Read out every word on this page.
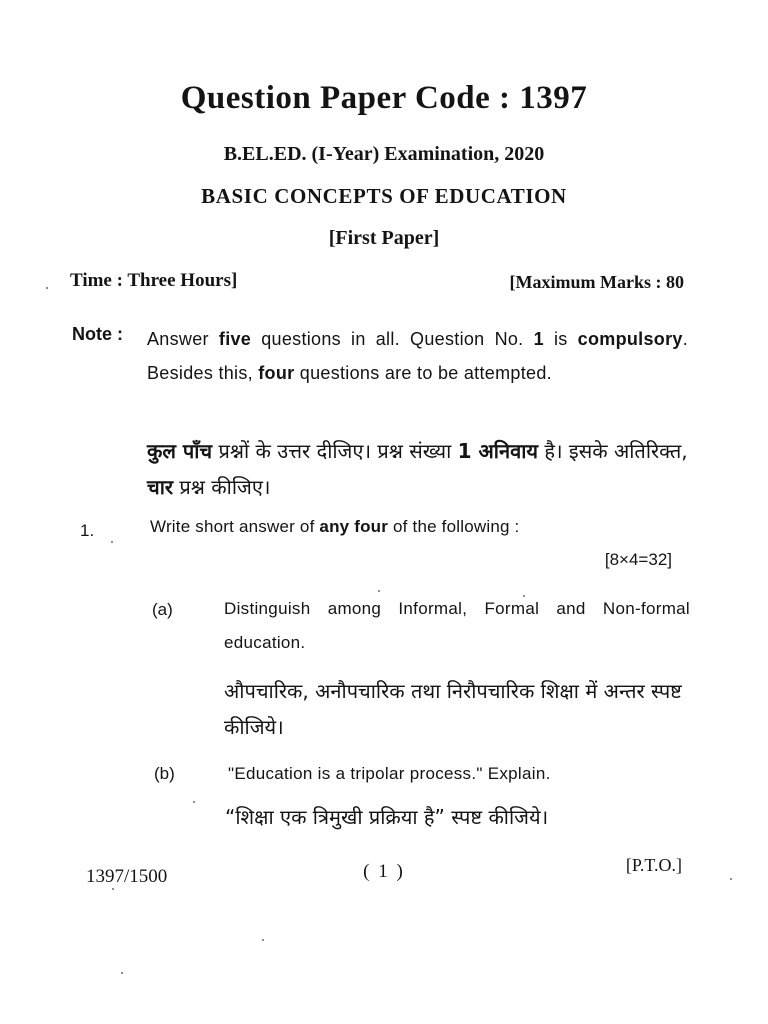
Question Paper Code : 1397
B.EL.ED. (I-Year) Examination, 2020
BASIC CONCEPTS OF EDUCATION
[First Paper]
Time : Three Hours]	[Maximum Marks : 80
Note : Answer five questions in all. Question No. 1 is compulsory. Besides this, four questions are to be attempted.
कुल पाँच प्रश्नों के उत्तर दीजिए। प्रश्न संख्या 1 अनिवाय है। इसके अतिरिक्त, चार प्रश्न कीजिए।
1.	Write short answer of any four of the following :
[8×4=32]
(a)	Distinguish among Informal, Formal and Non-formal education.
औपचारिक, अनौपचारिक तथा निरौपचारिक शिक्षा में अन्तर स्पष्ट कीजिये।
(b)	"Education is a tripolar process." Explain.
“शिक्षा एक त्रिमुखी प्रक्रिया है” स्पष्ट कीजिये।
1397/1500	( 1 )	[P.T.O.]
